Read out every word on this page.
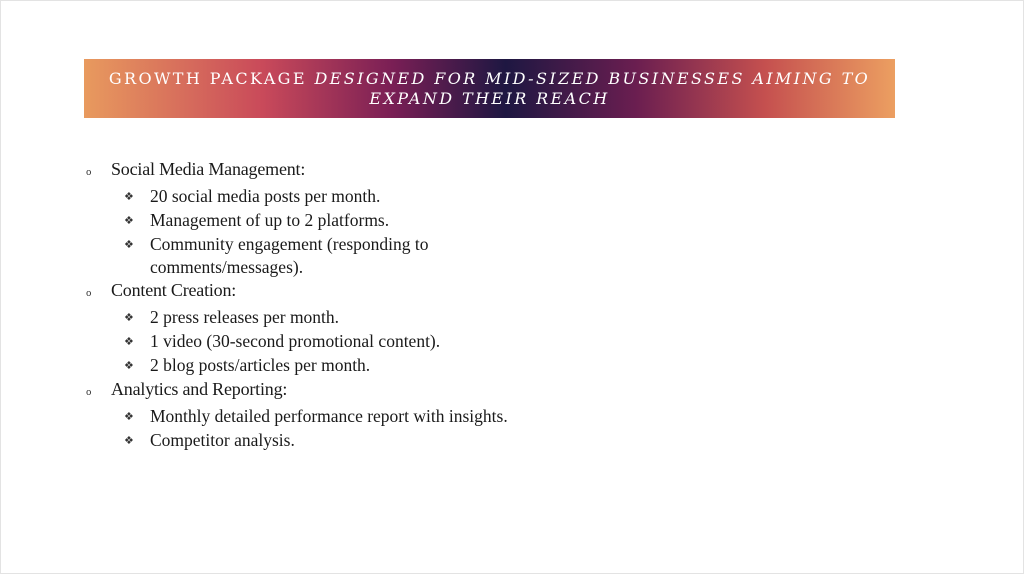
GROWTH PACKAGE DESIGNED FOR MID-SIZED BUSINESSES AIMING TO EXPAND THEIR REACH
o	Social Media Management:
❖ 20 social media posts per month.
❖ Management of up to 2 platforms.
❖ Community engagement (responding to comments/messages).
o	Content Creation:
❖ 2 press releases per month.
❖ 1 video (30-second promotional content).
❖ 2 blog posts/articles per month.
o	Analytics and Reporting:
❖ Monthly detailed performance report with insights.
❖ Competitor analysis.
